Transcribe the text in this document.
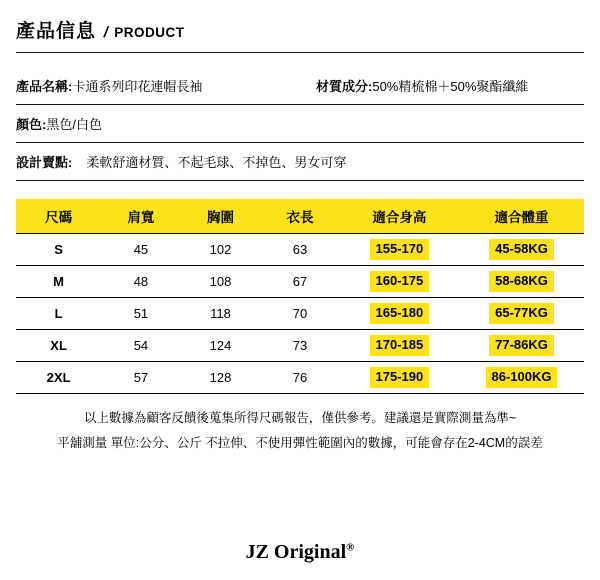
產品信息 / PRODUCT
產品名稱: 卡通系列印花連帽長袖	材質成分: 50%精梳棉＋50%聚酯纖維
顏色: 黑色/白色
設計賣點:	柔軟舒適材質、不起毛球、不掉色、男女可穿
尺碼	肩寬	胸圍	衣長	適合身高	適合體重
S	45	102	63	155-170	45-58KG
M	48	108	67	160-175	58-68KG
L	51	118	70	165-180	65-77KG
XL	54	124	73	170-185	77-86KG
2XL	57	128	76	175-190	86-100KG
以上數據為顧客反饋後蒐集所得尺碼報告，僅供參考。建議還是實際測量為準~
平舖測量 單位:公分、公斤 不拉伸、不使用彈性範圍內的數據，可能會存在2-4CM的誤差
JZ Original®
